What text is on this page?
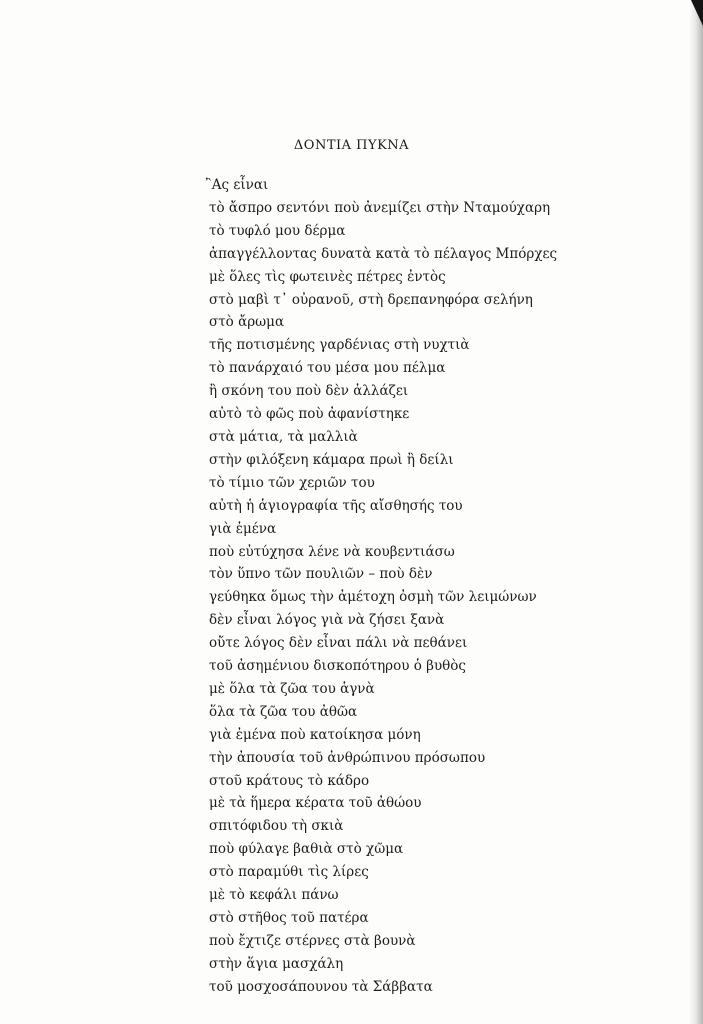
ΔΟΝΤΙΑ ΠΥΚΝΑ
῍Ας εἶναι
τὸ ἄσπρο σεντόνι ποὺ ἀνεμίζει στὴν Νταμούχαρη
τὸ τυφλό μου δέρμα
ἀπαγγέλλοντας δυνατὰ κατὰ τὸ πέλαγος Μπόρχες
μὲ ὅλες τὶς φωτεινὲς πέτρες ἐντὸς
στὸ μαβὶ τ᾽ οὐρανοῦ, στὴ δρεπανηφόρα σελήνη
στὸ ἄρωμα
τῆς ποτισμένης γαρδένιας στὴ νυχτιὰ
τὸ πανάρχαιό του μέσα μου πέλμα
ἢ σκόνη του ποὺ δὲν ἀλλάζει
αὐτὸ τὸ φῶς ποὺ ἀφανίστηκε
στὰ μάτια, τὰ μαλλιὰ
στὴν φιλόξενη κάμαρα πρωὶ ἢ δείλι
τὸ τίμιο τῶν χεριῶν του
αὐτὴ ἡ ἁγιογραφία τῆς αἴσθησής του
γιὰ ἐμένα
ποὺ εὐτύχησα λένε νὰ κουβεντιάσω
τὸν ὕπνο τῶν πουλιῶν – ποὺ δὲν
γεύθηκα ὅμως τὴν ἀμέτοχη ὀσμὴ τῶν λειμώνων
δὲν εἶναι λόγος γιὰ νὰ ζήσει ξανὰ
οὔτε λόγος δὲν εἶναι πάλι νὰ πεθάνει
τοῦ ἀσημένιου δισκοπότηρου ὁ βυθὸς
μὲ ὅλα τὰ ζῶα του ἁγνὰ
ὅλα τὰ ζῶα του ἀθῶα
γιὰ ἐμένα ποὺ κατοίκησα μόνη
τὴν ἀπουσία τοῦ ἀνθρώπινου πρόσωπου
στοῦ κράτους τὸ κάδρο
μὲ τὰ ἥμερα κέρατα τοῦ ἀθώου
σπιτόφιδου τὴ σκιὰ
ποὺ φύλαγε βαθιὰ στὸ χῶμα
στὸ παραμύθι τὶς λίρες
μὲ τὸ κεφάλι πάνω
στὸ στῆθος τοῦ πατέρα
ποὺ ἔχτιζε στέρνες στὰ βουνὰ
στὴν ἅγια μασχάλη
τοῦ μοσχοσάπουνου τὰ Σάββατα
